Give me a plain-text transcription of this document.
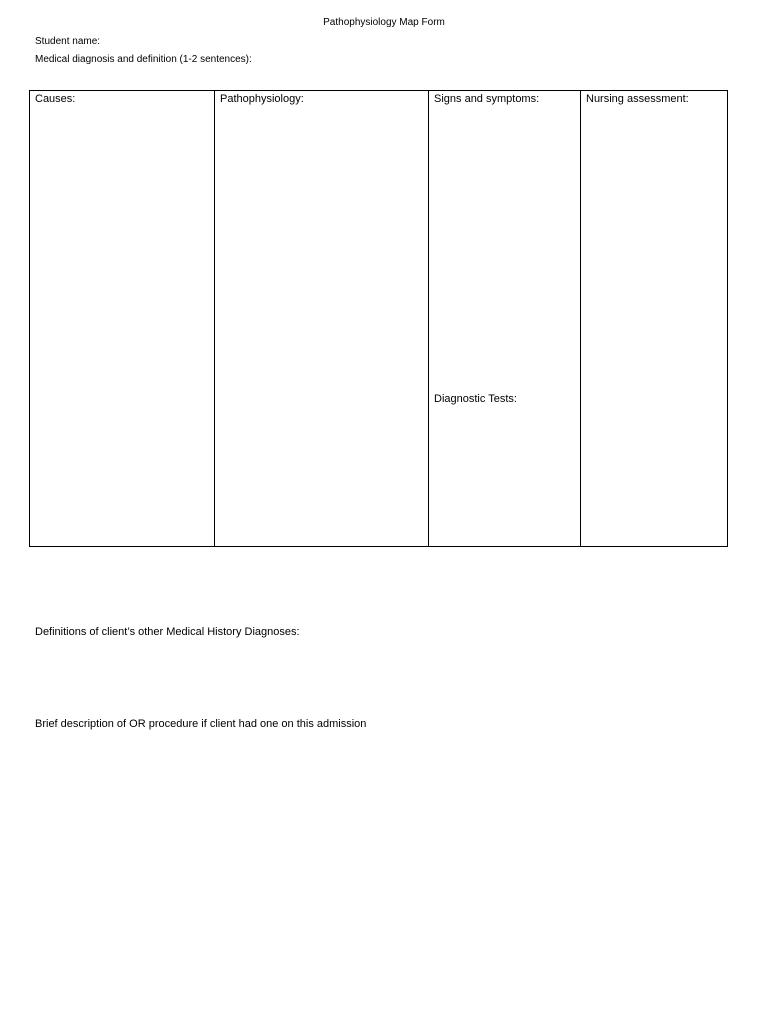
Pathophysiology Map Form
Student name:
Medical diagnosis and definition (1-2 sentences):
Causes:	Pathophysiology:	Signs and symptoms:
Diagnostic Tests:
Nursing assessment:
Definitions of client’s other Medical History Diagnoses:
Brief description of OR procedure if client had one on this admission
